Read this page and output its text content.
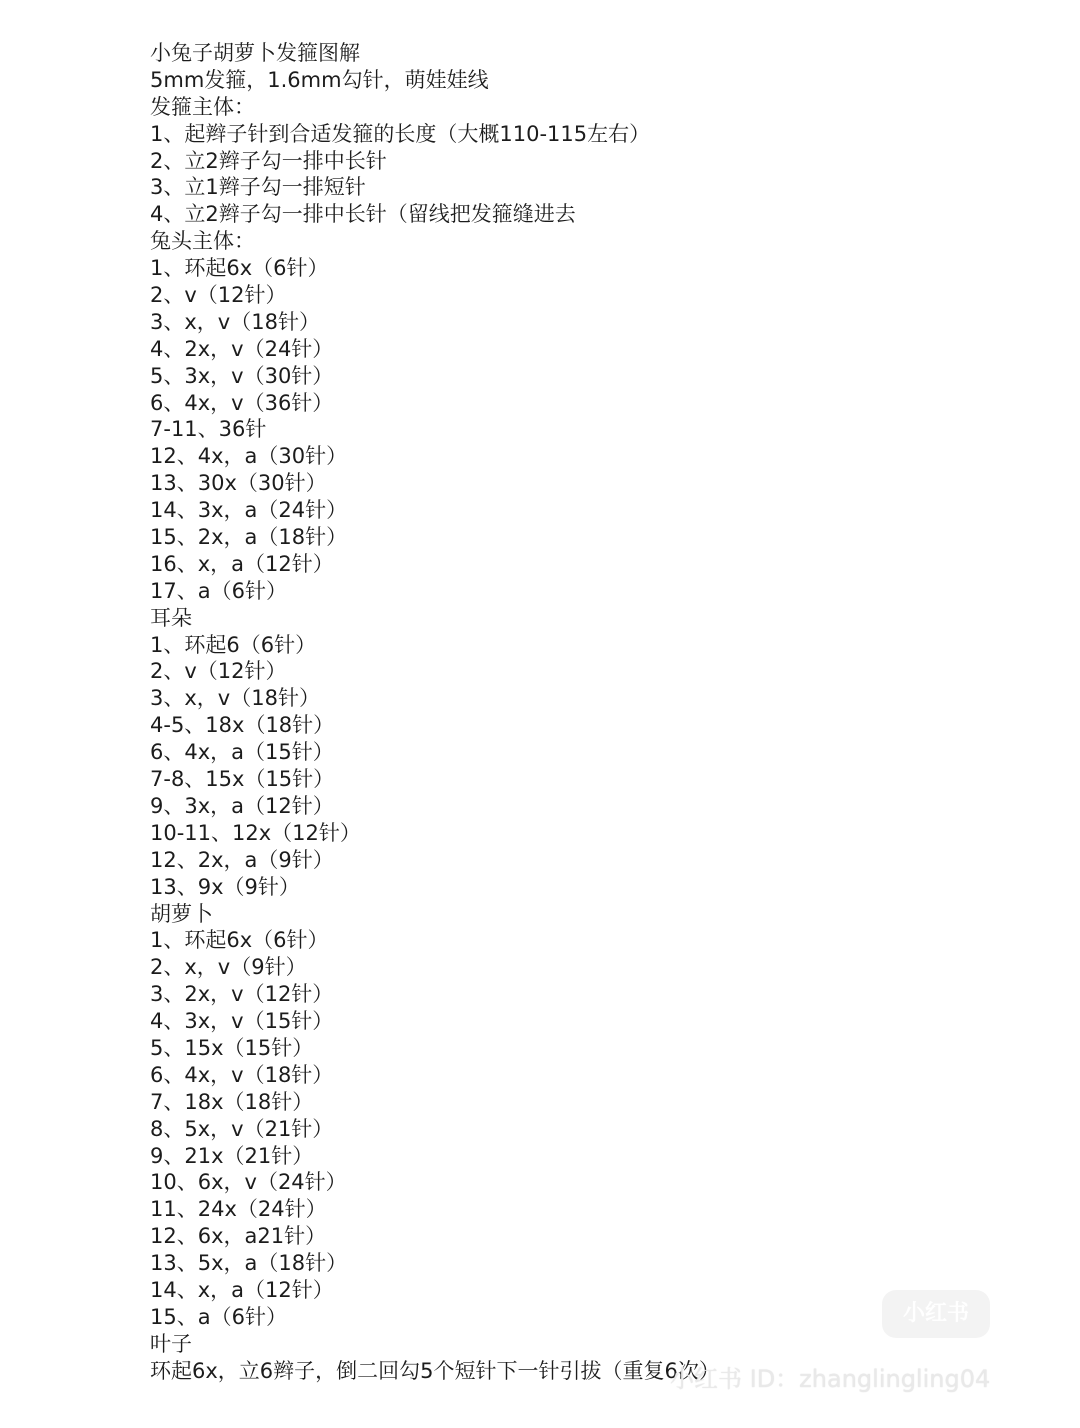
小兔子胡萝卜发箍图解
5mm发箍，1.6mm勾针，萌娃娃线
发箍主体：
1、起辫子针到合适发箍的长度（大概110-115左右）
2、立2辫子勾一排中长针
3、立1辫子勾一排短针
4、立2辫子勾一排中长针（留线把发箍缝进去
兔头主体：
1、环起6x（6针）
2、v（12针）
3、x，v（18针）
4、2x，v（24针）
5、3x，v（30针）
6、4x，v（36针）
7-11、36针
12、4x，a（30针）
13、30x（30针）
14、3x，a（24针）
15、2x，a（18针）
16、x，a（12针）
17、a（6针）
耳朵
1、环起6（6针）
2、v（12针）
3、x，v（18针）
4-5、18x（18针）
6、4x，a（15针）
7-8、15x（15针）
9、3x，a（12针）
10-11、12x（12针）
12、2x，a（9针）
13、9x（9针）
胡萝卜
1、环起6x（6针）
2、x，v（9针）
3、2x，v（12针）
4、3x，v（15针）
5、15x（15针）
6、4x，v（18针）
7、18x（18针）
8、5x，v（21针）
9、21x（21针）
10、6x，v（24针）
11、24x（24针）
12、6x，a21针）
13、5x，a（18针）
14、x，a（12针）
15、a（6针）
叶子
环起6x，立6辫子，倒二回勾5个短针下一针引拔（重复6次）
小红书
小红书 ID：zhanglingling04
